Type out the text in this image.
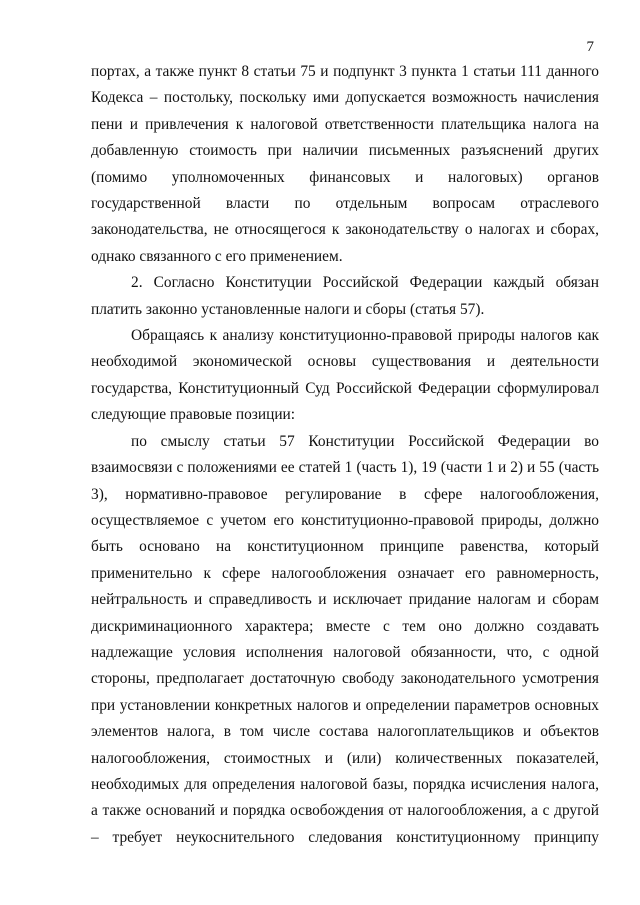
7

портах, а также пункт 8 статьи 75 и подпункт 3 пункта 1 статьи 111 данного Кодекса – постольку, поскольку ими допускается возможность начисления пени и привлечения к налоговой ответственности плательщика налога на добавленную стоимость при наличии письменных разъяснений других (помимо уполномоченных финансовых и налоговых) органов государственной власти по отдельным вопросам отраслевого законодательства, не относящегося к законодательству о налогах и сборах, однако связанного с его применением.

2. Согласно Конституции Российской Федерации каждый обязан платить законно установленные налоги и сборы (статья 57).

Обращаясь к анализу конституционно-правовой природы налогов как необходимой экономической основы существования и деятельности государства, Конституционный Суд Российской Федерации сформулировал следующие правовые позиции:

по смыслу статьи 57 Конституции Российской Федерации во взаимосвязи с положениями ее статей 1 (часть 1), 19 (части 1 и 2) и 55 (часть 3), нормативно-правовое регулирование в сфере налогообложения, осуществляемое с учетом его конституционно-правовой природы, должно быть основано на конституционном принципе равенства, который применительно к сфере налогообложения означает его равномерность, нейтральность и справедливость и исключает придание налогам и сборам дискриминационного характера; вместе с тем оно должно создавать надлежащие условия исполнения налоговой обязанности, что, с одной стороны, предполагает достаточную свободу законодательного усмотрения при установлении конкретных налогов и определении параметров основных элементов налога, в том числе состава налогоплательщиков и объектов налогообложения, стоимостных и (или) количественных показателей, необходимых для определения налоговой базы, порядка исчисления налога, а также оснований и порядка освобождения от налогообложения, а с другой – требует неукоснительного следования конституционному принципу
